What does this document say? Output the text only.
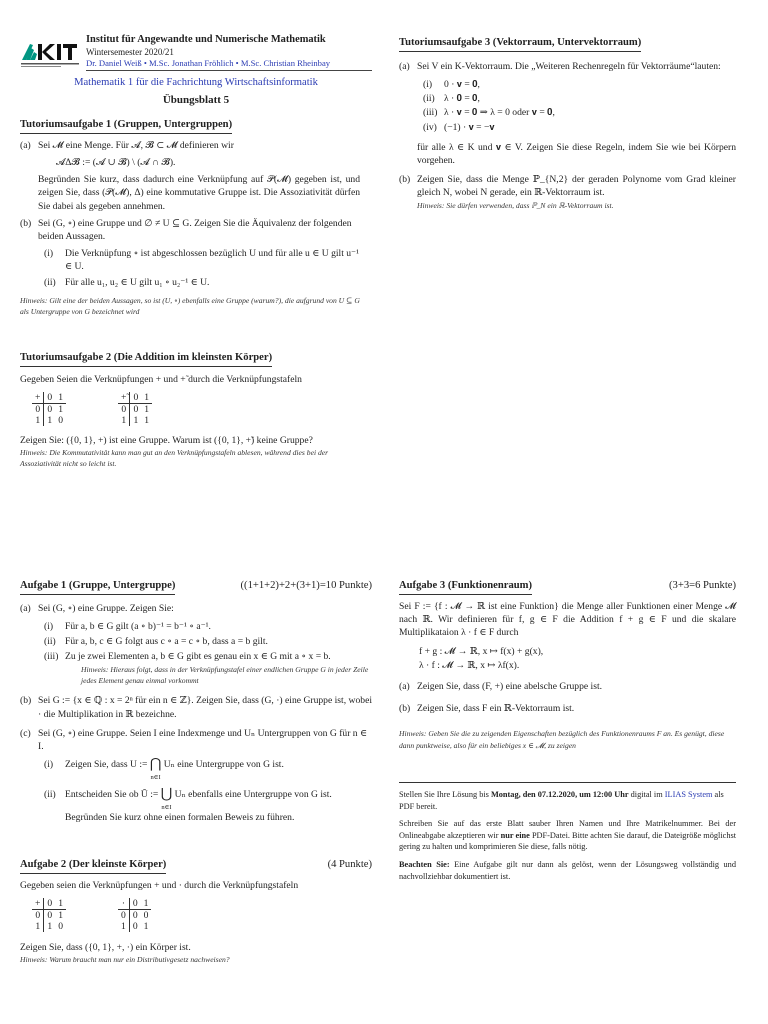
Institut für Angewandte und Numerische Mathematik
Wintersemester 2020/21
Dr. Daniel Weiß • M.Sc. Jonathan Fröhlich • M.Sc. Christian Rheinbay
Mathematik 1 für die Fachrichtung Wirtschaftsinformatik
Übungsblatt 5
Tutoriumsaufgabe 1 (Gruppen, Untergruppen)
(a) Sei 𝓜 eine Menge. Für 𝓐, 𝓑 ⊂ 𝓜 definieren wir

𝓐Δ𝓑 := (𝓐 ∪ 𝓑) \ (𝓐 ∩ 𝓑).

Begründen Sie kurz, dass dadurch eine Verknüpfung auf 𝒫(𝓜) gegeben ist, und zeigen Sie, dass (𝒫(𝓜), Δ) eine kommutative Gruppe ist. Die Assoziativität dürfen Sie dabei als gegeben annehmen.

(b) Sei (G, ∘) eine Gruppe und ∅ ≠ U ⊆ G. Zeigen Sie die Äquivalenz der folgenden beiden Aussagen.

(i) Die Verknüpfung ∘ ist abgeschlossen bezüglich U und für alle u ∈ U gilt u⁻¹ ∈ U.

(ii) Für alle u₁, u₂ ∈ U gilt u₁ ∘ u₂⁻¹ ∈ U.

Hinweis: Gilt eine der beiden Aussagen, so ist (U, ∘) ebenfalls eine Gruppe (warum?), die aufgrund von U ⊆ G als Untergruppe von G bezeichnet wird

Tutoriumsaufgabe 2 (Die Addition im kleinsten Körper)

Gegeben Seien die Verknüpfungen + und +̃ durch die Verknüpfungstafeln

+	0	1
0	0	1
1	1	0
+̃	0	1
0	0	1
1	1	1

Zeigen Sie: ({0, 1}, +) ist eine Gruppe. Warum ist ({0, 1}, +̃) keine Gruppe?

Hinweis: Die Kommutativität kann man gut an den Verknüpfungstafeln ablesen, während dies bei der Assoziativität nicht so leicht ist.

Tutoriumsaufgabe 3 (Vektorraum, Untervektorraum)
(a) Sei V ein K-Vektorraum. Die „Weiteren Rechenregeln für Vektorräume“lauten:

(i) 0 · 𝐯 = 𝟎,

(ii) λ · 𝟎 = 𝟎,

(iii) λ · 𝐯 = 𝟎 ⇒ λ = 0 oder 𝐯 = 𝟎,

(iv) (−1) · 𝐯 = −𝐯

für alle λ ∈ K und 𝐯 ∈ V. Zeigen Sie diese Regeln, indem Sie wie bei Körpern vorgehen.

(b) Zeigen Sie, dass die Menge ℙ_{N,2} der geraden Polynome vom Grad kleiner gleich N, wobei N gerade, ein ℝ-Vektorraum ist.

Hinweis: Sie dürfen verwenden, dass ℙ_N ein ℝ-Vektorraum ist.

Aufgabe 1 (Gruppe, Untergruppe)	((1+1+2)+2+(3+1)=10 Punkte)
(a) Sei (G, ∘) eine Gruppe. Zeigen Sie:

(i) Für a, b ∈ G gilt (a ∘ b)⁻¹ = b⁻¹ ∘ a⁻¹.

(ii) Für a, b, c ∈ G folgt aus c ∘ a = c ∘ b, dass a = b gilt.

(iii) Zu je zwei Elementen a, b ∈ G gibt es genau ein x ∈ G mit a ∘ x = b.

Hinweis: Hieraus folgt, dass in der Verknüpfungstafel einer endlichen Gruppe G in jeder Zeile jedes Element genau einmal vorkommt

(b) Sei G := {x ∈ ℚ : x = 2ⁿ für ein n ∈ ℤ}. Zeigen Sie, dass (G, ·) eine Gruppe ist, wobei · die Multiplikation in ℝ bezeichne.

(c) Sei (G, ∘) eine Gruppe. Seien I eine Indexmenge und Uₙ Untergruppen von G für n ∈ I.

(i) Zeigen Sie, dass U := ⋂
n∈I Uₙ eine Untergruppe von G ist.

(ii) Entscheiden Sie ob Ũ := ⋃
n∈I Uₙ ebenfalls eine Untergruppe von G ist. Begründen Sie kurz ohne einen formalen Beweis zu führen.

Aufgabe 2 (Der kleinste Körper)	(4 Punkte)

Gegeben seien die Verknüpfungen + und · durch die Verknüpfungstafeln

+	0	1
0	0	1
1	1	0
·	0	1
0	0	0
1	0	1

Zeigen Sie, dass ({0, 1}, +, ·) ein Körper ist.

Hinweis: Warum braucht man nur ein Distributivgesetz nachweisen?

Aufgabe 3 (Funktionenraum)	(3+3=6 Punkte)

Sei F := {f : 𝓜 → ℝ ist eine Funktion} die Menge aller Funktionen einer Menge 𝓜 nach ℝ. Wir definieren für f, g ∈ F die Addition f + g ∈ F und die skalare Multiplikataion λ · f ∈ F durch

f + g : 𝓜 → ℝ, x ↦ f(x) + g(x),

λ · f : 𝓜 → ℝ, x ↦ λf(x).

(a) Zeigen Sie, dass (F, +) eine abelsche Gruppe ist.

(b) Zeigen Sie, dass F ein ℝ-Vektorraum ist.

Hinweis: Geben Sie die zu zeigenden Eigenschaften bezüglich des Funktionenraums F an. Es genügt, diese dann punktweise, also für ein beliebiges x ∈ 𝓜, zu zeigen

Stellen Sie Ihre Lösung bis Montag, den 07.12.2020, um 12:00 Uhr digital im ILIAS System als PDF bereit.

Schreiben Sie auf das erste Blatt sauber Ihren Namen und Ihre Matrikelnummer. Bei der Onlineabgabe akzeptieren wir nur eine PDF-Datei. Bitte achten Sie darauf, die Dateigröße möglichst gering zu halten und komprimieren Sie diese, falls nötig.

Beachten Sie: Eine Aufgabe gilt nur dann als gelöst, wenn der Lösungsweg vollständig und nachvollziehbar dokumentiert ist.
